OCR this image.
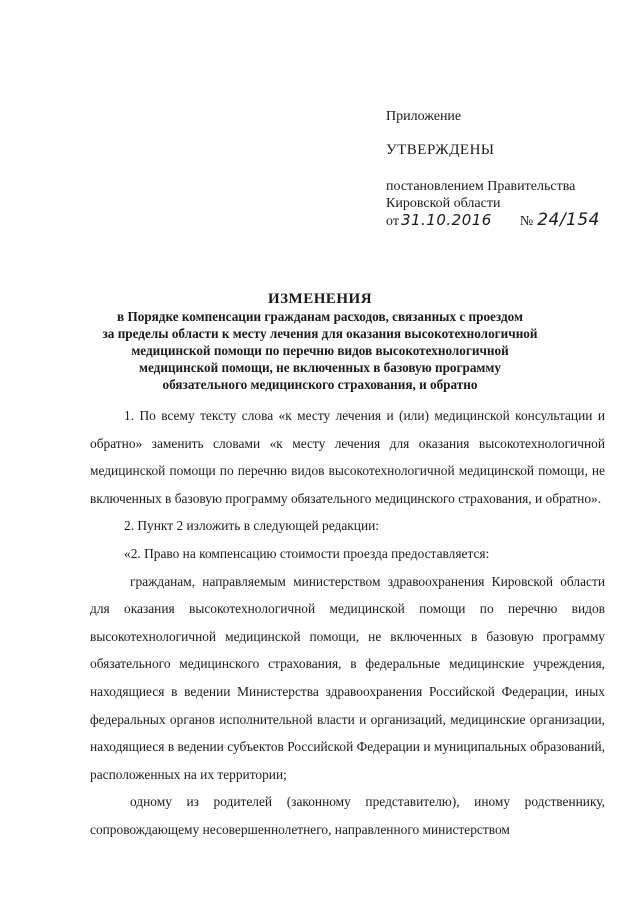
Приложение
УТВЕРЖДЕНЫ
постановлением Правительства
Кировской области
от 31.10.2016 № 24/154
ИЗМЕНЕНИЯ
в Порядке компенсации гражданам расходов, связанных с проездом
за пределы области к месту лечения для оказания высокотехнологичной
медицинской помощи по перечню видов высокотехнологичной
медицинской помощи, не включенных в базовую программу
обязательного медицинского страхования, и обратно

1. По всему тексту слова «к месту лечения и (или) медицинской консультации и обратно» заменить словами «к месту лечения для оказания высокотехнологичной медицинской помощи по перечню видов высокотехнологичной медицинской помощи, не включенных в базовую программу обязательного медицинского страхования, и обратно».

2. Пункт 2 изложить в следующей редакции:

«2. Право на компенсацию стоимости проезда предоставляется:

гражданам, направляемым министерством здравоохранения Кировской области для оказания высокотехнологичной медицинской помощи по перечню видов высокотехнологичной медицинской помощи, не включенных в базовую программу обязательного медицинского страхования, в федеральные медицинские учреждения, находящиеся в ведении Министерства здравоохранения Российской Федерации, иных федеральных органов исполнительной власти и организаций, медицинские организации, находящиеся в ведении субъектов Российской Федерации и муниципальных образований, расположенных на их территории;

одному из родителей (законному представителю), иному родственнику, сопровождающему несовершеннолетнего, направленного министерством
